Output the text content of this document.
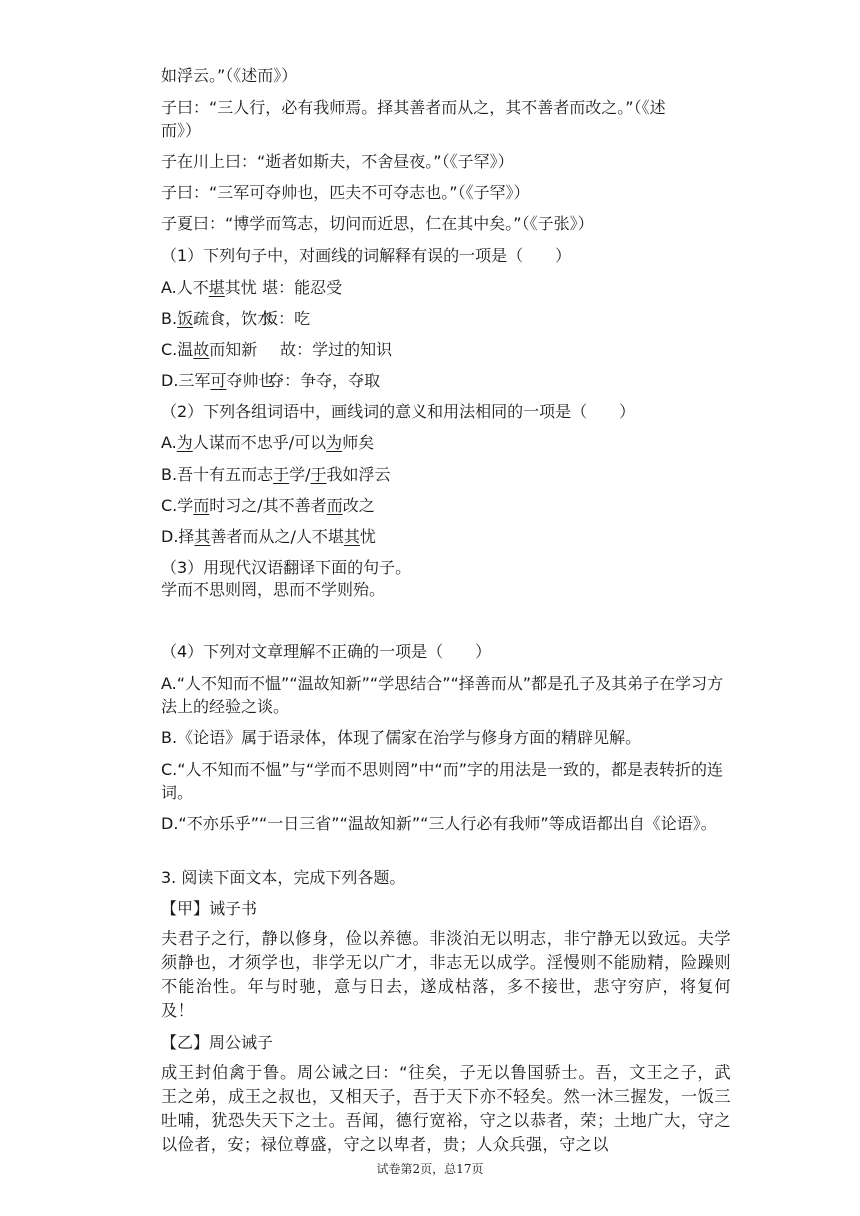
如浮云。”（《述而》）
子曰：“三人行，必有我师焉。择其善者而从之，其不善者而改之。”（《述
而》）
子在川上曰：“逝者如斯夫，不舍昼夜。”（《子罕》）
子曰：“三军可夺帅也，匹夫不可夺志也。”（《子罕》）
子夏曰：“博学而笃志，切问而近思，仁在其中矣。”（《子张》）
（1）下列句子中，对画线的词解释有误的一项是（　　）
A.人不堪其忧 堪：能忍受
B.饭疏食，饮水 饭：吃
C.温故而知新 故：学过的知识
D.三军可夺帅也 夺：争夺，夺取
（2）下列各组词语中，画线词的意义和用法相同的一项是（　　）
A.为人谋而不忠乎/可以为师矣
B.吾十有五而志于学/于我如浮云
C.学而时习之/其不善者而改之
D.择其善者而从之/人不堪其忧
（3）用现代汉语翻译下面的句子。
学而不思则罔，思而不学则殆。
（4）下列对文章理解不正确的一项是（　　）
A.“人不知而不愠”“温故知新”“学思结合”“择善而从”都是孔子及其弟子在学习方法上的经验之谈。
B.《论语》属于语录体，体现了儒家在治学与修身方面的精辟见解。
C.“人不知而不愠”与“学而不思则罔”中“而”字的用法是一致的，都是表转折的连词。
D.“不亦乐乎”“一日三省”“温故知新”“三人行必有我师”等成语都出自《论语》。
3. 阅读下面文本，完成下列各题。
【甲】诫子书
夫君子之行，静以修身，俭以养德。非淡泊无以明志，非宁静无以致远。夫学须静也，才须学也，非学无以广才，非志无以成学。淫慢则不能励精，险躁则不能治性。年与时驰，意与日去，遂成枯落，多不接世，悲守穷庐，将复何及！
【乙】周公诫子
成王封伯禽于鲁。周公诫之曰：“往矣，子无以鲁国骄士。吾，文王之子，武王之弟，成王之叔也，又相天子，吾于天下亦不轻矣。然一沐三握发，一饭三吐哺，犹恐失天下之士。吾闻，德行宽裕，守之以恭者，荣；土地广大，守之以俭者，安；禄位尊盛，守之以卑者，贵；人众兵强，守之以
试卷第2页，总17页
